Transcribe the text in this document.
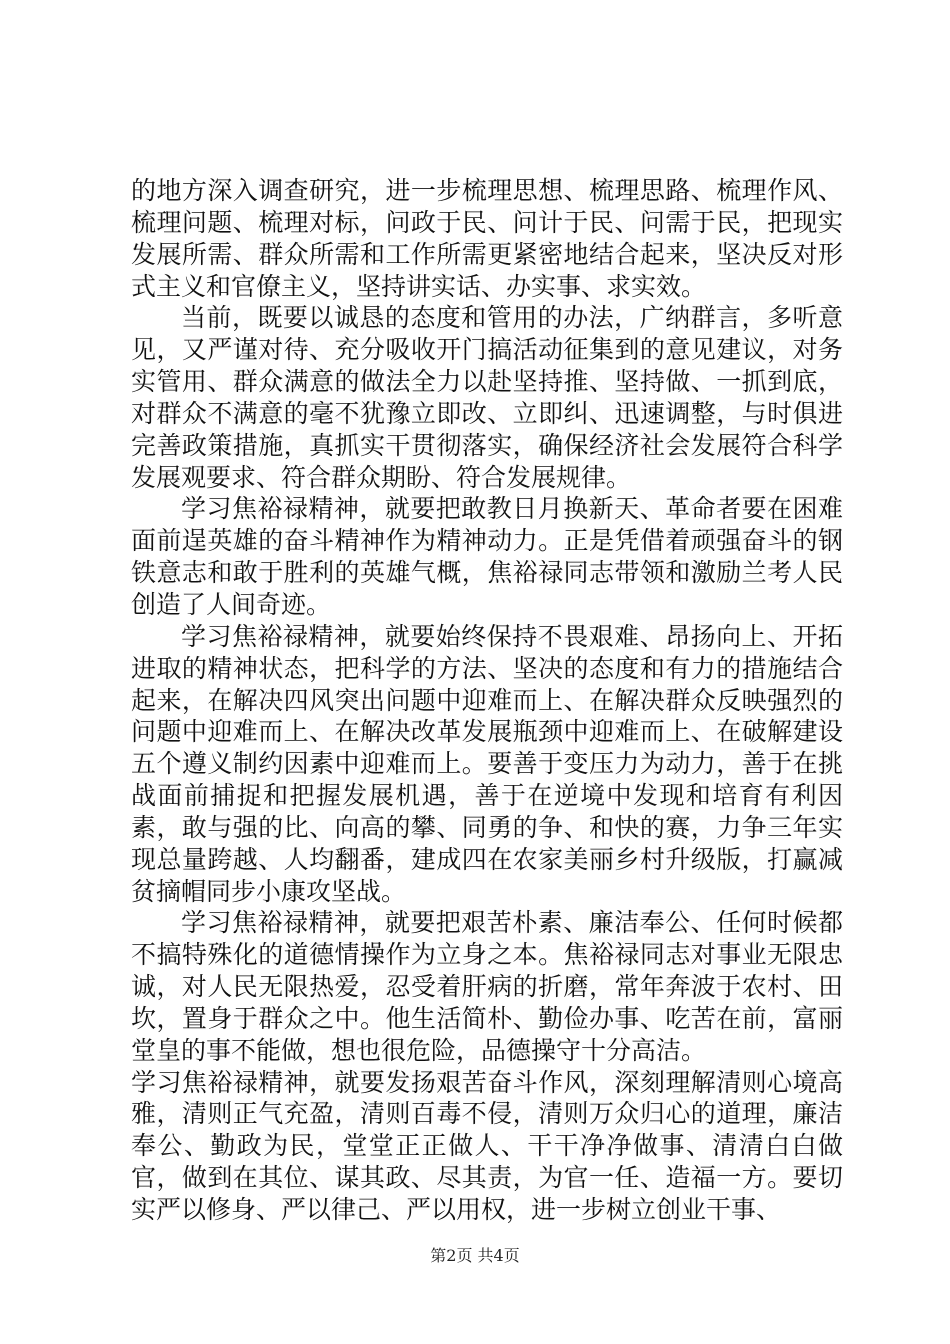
的地方深入调查研究，进一步梳理思想、梳理思路、梳理作风、梳理问题、梳理对标，问政于民、问计于民、问需于民，把现实发展所需、群众所需和工作所需更紧密地结合起来，坚决反对形式主义和官僚主义，坚持讲实话、办实事、求实效。

当前，既要以诚恳的态度和管用的办法，广纳群言，多听意见，又严谨对待、充分吸收开门搞活动征集到的意见建议，对务实管用、群众满意的做法全力以赴坚持推、坚持做、一抓到底，对群众不满意的毫不犹豫立即改、立即纠、迅速调整，与时俱进完善政策措施，真抓实干贯彻落实，确保经济社会发展符合科学发展观要求、符合群众期盼、符合发展规律。

学习焦裕禄精神，就要把敢教日月换新天、革命者要在困难面前逞英雄的奋斗精神作为精神动力。正是凭借着顽强奋斗的钢铁意志和敢于胜利的英雄气概，焦裕禄同志带领和激励兰考人民创造了人间奇迹。

学习焦裕禄精神，就要始终保持不畏艰难、昂扬向上、开拓进取的精神状态，把科学的方法、坚决的态度和有力的措施结合起来，在解决四风突出问题中迎难而上、在解决群众反映强烈的问题中迎难而上、在解决改革发展瓶颈中迎难而上、在破解建设五个遵义制约因素中迎难而上。要善于变压力为动力，善于在挑战面前捕捉和把握发展机遇，善于在逆境中发现和培育有利因素，敢与强的比、向高的攀、同勇的争、和快的赛，力争三年实现总量跨越、人均翻番，建成四在农家美丽乡村升级版，打赢减贫摘帽同步小康攻坚战。

学习焦裕禄精神，就要把艰苦朴素、廉洁奉公、任何时候都不搞特殊化的道德情操作为立身之本。焦裕禄同志对事业无限忠诚，对人民无限热爱，忍受着肝病的折磨，常年奔波于农村、田坎，置身于群众之中。他生活简朴、勤俭办事、吃苦在前，富丽堂皇的事不能做，想也很危险，品德操守十分高洁。

学习焦裕禄精神，就要发扬艰苦奋斗作风，深刻理解清则心境高雅，清则正气充盈，清则百毒不侵，清则万众归心的道理，廉洁奉公、勤政为民，堂堂正正做人、干干净净做事、清清白白做官，做到在其位、谋其政、尽其责，为官一任、造福一方。要切实严以修身、严以律己、严以用权，进一步树立创业干事、

第2页 共4页
